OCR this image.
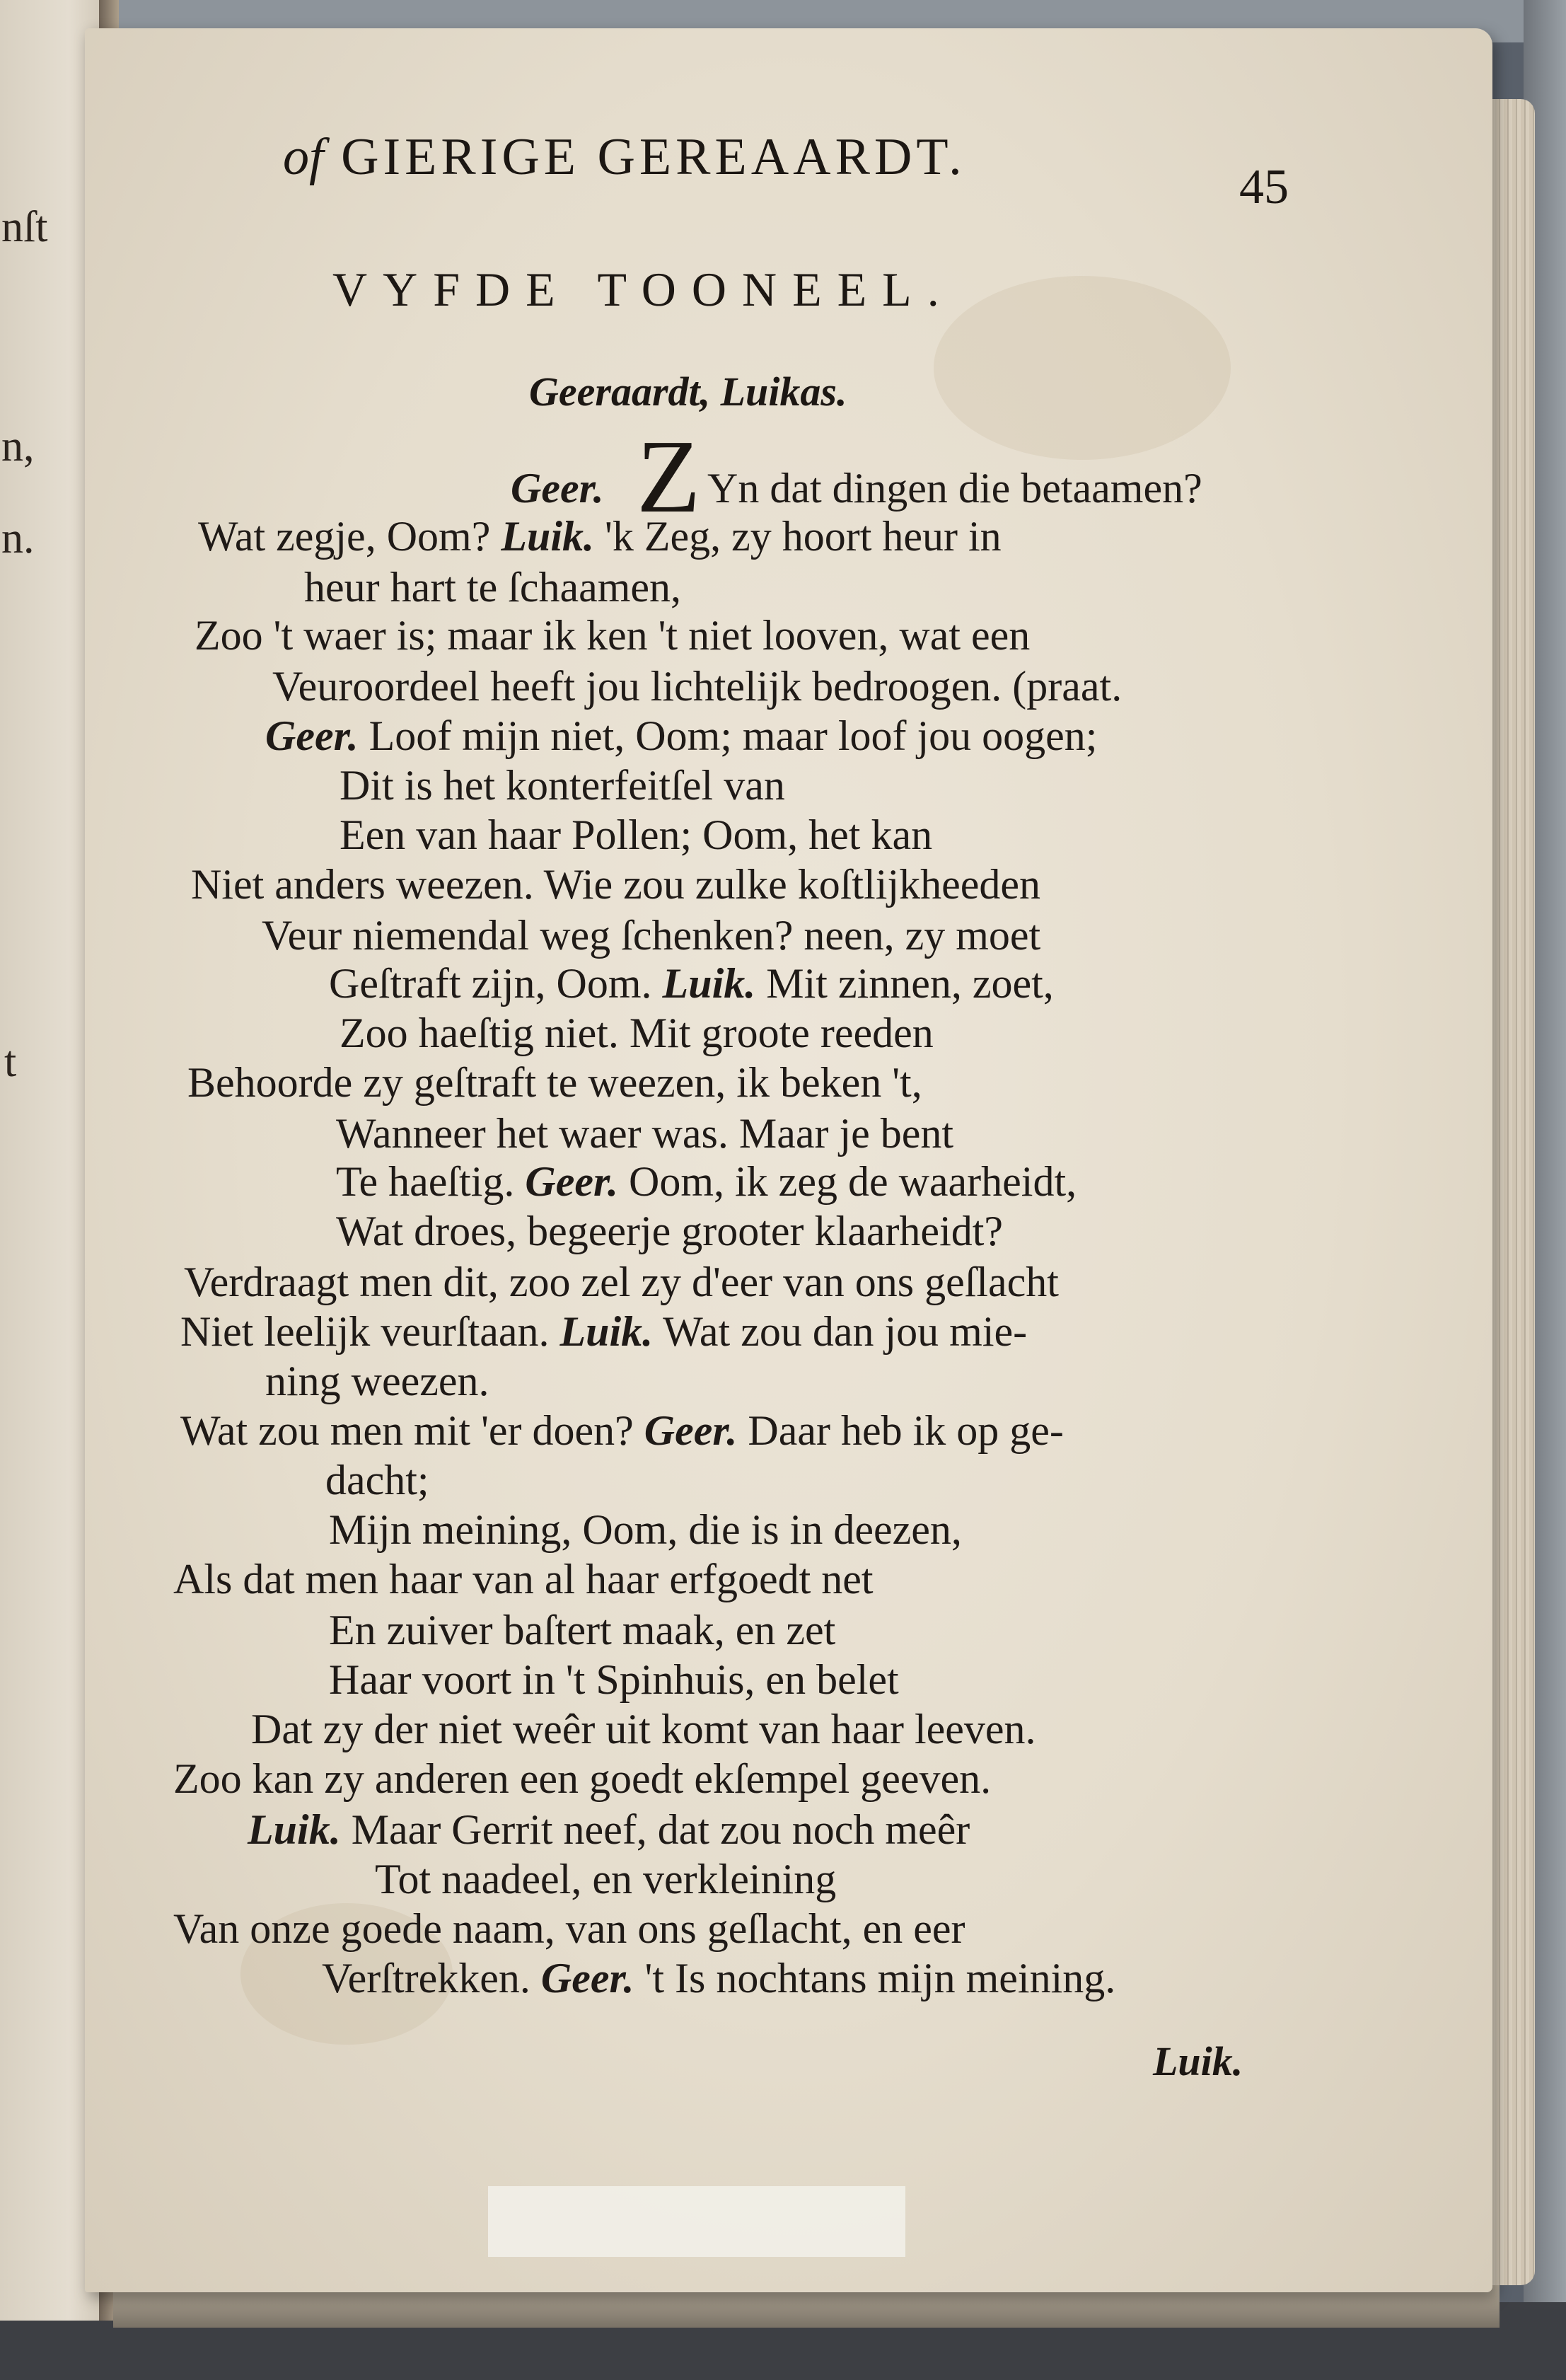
nſt
n,
n.
t
of GIERIGE GEREAARDT.
45
VYFDE TOONEEL.
Geeraardt, Luikas.
Z
Geer. Yn dat dingen die betaamen?
Wat zegje, Oom? Luik. 'k Zeg, zy hoort heur in
heur hart te ſchaamen,
Zoo 't waer is; maar ik ken 't niet looven, wat een
Veuroordeel heeft jou lichtelijk bedroogen. (praat.
Geer. Loof mijn niet, Oom; maar loof jou oogen;
Dit is het konterfeitſel van
Een van haar Pollen; Oom, het kan
Niet anders weezen. Wie zou zulke koſtlijkheeden
Veur niemendal weg ſchenken? neen, zy moet
Geſtraft zijn, Oom. Luik. Mit zinnen, zoet,
Zoo haeſtig niet. Mit groote reeden
Behoorde zy geſtraft te weezen, ik beken 't,
Wanneer het waer was. Maar je bent
Te haeſtig. Geer. Oom, ik zeg de waarheidt,
Wat droes, begeerje grooter klaarheidt?
Verdraagt men dit, zoo zel zy d'eer van ons geſlacht
Niet leelijk veurſtaan. Luik. Wat zou dan jou mie-
ning weezen.
Wat zou men mit 'er doen? Geer. Daar heb ik op ge-
dacht;
Mijn meining, Oom, die is in deezen,
Als dat men haar van al haar erfgoedt net
En zuiver baſtert maak, en zet
Haar voort in 't Spinhuis, en belet
Dat zy der niet weêr uit komt van haar leeven.
Zoo kan zy anderen een goedt ekſempel geeven.
Luik. Maar Gerrit neef, dat zou noch meêr
Tot naadeel, en verkleining
Van onze goede naam, van ons geſlacht, en eer
Verſtrekken. Geer. 't Is nochtans mijn meining.
Luik.
